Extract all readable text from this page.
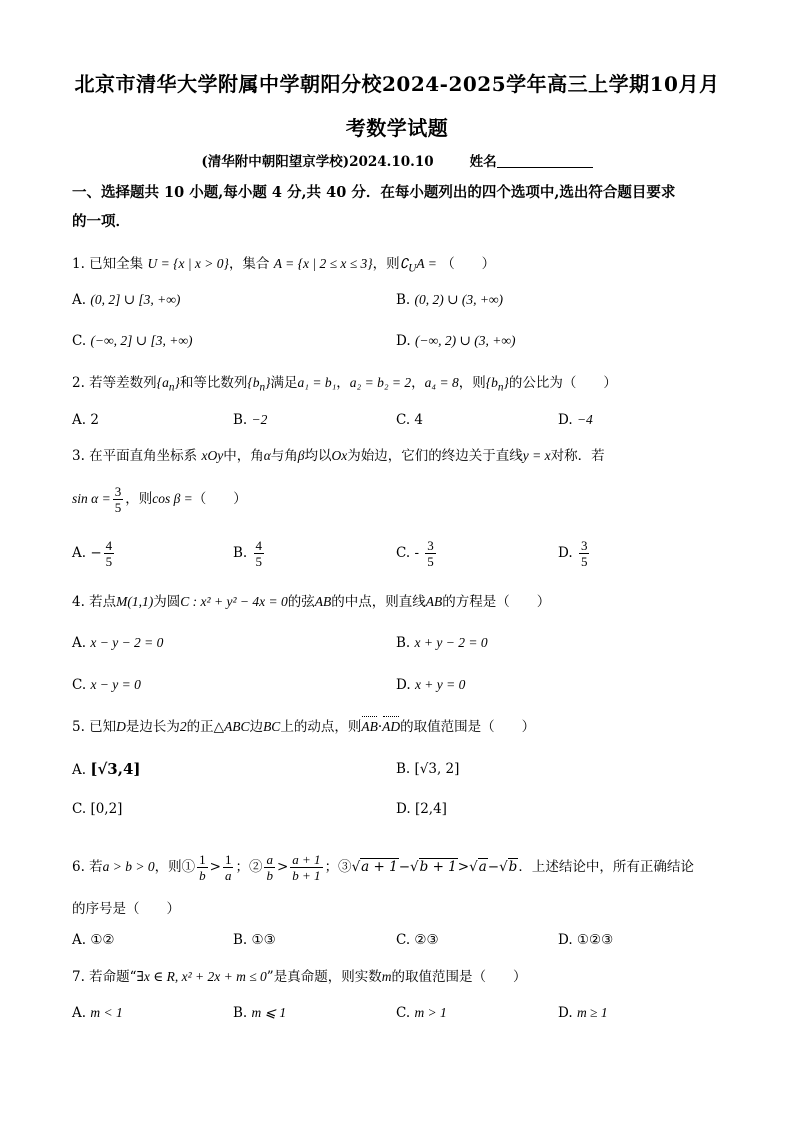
北京市清华大学附属中学朝阳分校2024-2025学年高三上学期10月月
考数学试题
(清华附中朝阳望京学校)2024.10.10	姓名
一、选择题共 10 小题,每小题 4 分,共 40 分．在每小题列出的四个选项中,选出符合题目要求
的一项．
1. 已知全集 U = {x | x > 0}，集合 A = {x | 2 ≤ x ≤ 3}，则$∁_UA$ = （　　）
A. (0, 2] ∪ [3, +∞)	B. (0, 2) ∪ (3, +∞)
C. (−∞, 2] ∪ [3, +∞)	D. (−∞, 2) ∪ (3, +∞)
2. 若等差数列$\{a_n\}$和等比数列$\{b_n\}$满足a₁ = b₁，a₂ = b₂ = 2，a₄ = 8，则$\{b_n\}$的公比为（　　）
A. 2	B. −2	C. 4	D. −4
3. 在平面直角坐标系 xOy中，角α与角β均以Ox为始边，它们的终边关于直线y = x对称．若
$\sin \alpha = \frac{3}{5}$ ，则cos β =（　　）
A. − $\frac{4}{5}$	B. $\frac{4}{5}$	C. - $\frac{3}{5}$	D. $\frac{3}{5}$
4. 若点M(1,1)为圆C : x² + y² − 4x = 0的弦AB的中点，则直线AB的方程是（　　）
A. x − y − 2 = 0	B. x + y − 2 = 0
C. x − y = 0	D. x + y = 0
5. 已知D是边长为2的正△ABC边BC上的动点，则AB·AD的取值范围是（　　）
A. [√3,4]	B. [√3, 2]
C. [0,2]	D. [2,4]
6. 若a > b > 0，则① $\frac{1}{b} > \frac{1}{a}$ ；② $\frac{a}{b} > \frac{a + 1}{b + 1}$ ；③√a + 1−√b + 1>√a−√b．上述结论中，所有正确结论
的序号是（　　）
A. ①②	B. ①③	C. ②③	D. ①②③
7. 若命题“∃x ∈ R, x² + 2x + m ≤ 0”是真命题，则实数m的取值范围是（　　）
A. m < 1	B. m ⩽ 1	C. m > 1	D. m ≥ 1
